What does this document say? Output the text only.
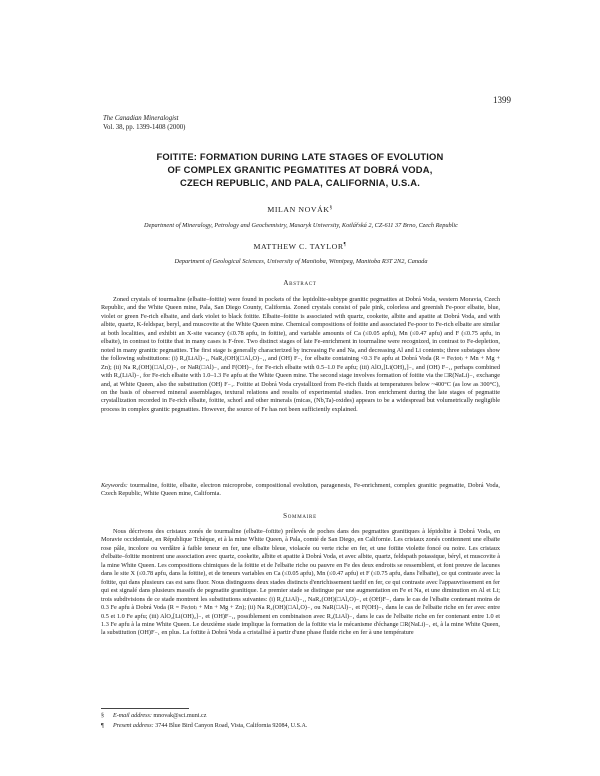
1399
The Canadian Mineralogist
Vol. 38, pp. 1399-1408 (2000)
FOITITE: FORMATION DURING LATE STAGES OF EVOLUTION
OF COMPLEX GRANITIC PEGMATITES AT DOBRÁ VODA,
CZECH REPUBLIC, AND PALA, CALIFORNIA, U.S.A.
MILAN NOVÁK§
Department of Mineralogy, Petrology and Geochemistry, Masaryk University, Kotlářská 2, CZ-611 37 Brno, Czech Republic
MATTHEW C. TAYLOR¶
Department of Geological Sciences, University of Manitoba, Winnipeg, Manitoba R3T 2N2, Canada
Abstract

Zoned crystals of tourmaline (elbaite–foitite) were found in pockets of the lepidolite-subtype granitic pegmatites at Dobrá Voda, western Moravia, Czech Republic, and the White Queen mine, Pala, San Diego County, California. Zoned crystals consist of pale pink, colorless and greenish Fe-poor elbaite, blue, violet or green Fe-rich elbaite, and dark violet to black foitite. Elbaite–foitite is associated with quartz, cookeite, albite and apatite at Dobrá Voda, and with albite, quartz, K-feldspar, beryl, and muscovite at the White Queen mine. Chemical compositions of foitite and associated Fe-poor to Fe-rich elbaite are similar at both localities, and exhibit an X-site vacancy (≤0.78 apfu, in foitite), and variable amounts of Ca (≤0.05 apfu), Mn (≤0.47 apfu) and F (≤0.75 apfu, in elbaite), in contrast to foitite that in many cases is F-free. Two distinct stages of late Fe-enrichment in tourmaline were recognized, in contrast to Fe-depletion, noted in many granitic pegmatites. The first stage is generally characterized by increasing Fe and Na, and decreasing Al and Li contents; three substages show the following substitutions: (i) R₂(LiAl)₋₁, NaR₃(OH)(□Al₃O)₋₁, and (OH) F₋₁ for elbaite containing <0.3 Fe apfu at Dobrá Voda (R = Fe₍tot₎ + Mn + Mg + Zn); (ii) Na R₂(OH)(□Al₂O)₋₁ or NaR(□Al)₋₁ and F(OH)₋₁ for Fe-rich elbaite with 0.5–1.0 Fe apfu; (iii) AlO₂[Li(OH)₂]₋₁ and (OH) F₋₁, perhaps combined with R₂(LiAl)₋₁ for Fe-rich elbaite with 1.0–1.3 Fe apfu at the White Queen mine. The second stage involves formation of foitite via the □R(NaLi)₋₁ exchange and, at White Queen, also the substitution (OH) F₋₁. Foitite at Dobrá Voda crystallized from Fe-rich fluids at temperatures below ~400°C (as low as 300°C), on the basis of observed mineral assemblages, textural relations and results of experimental studies. Iron enrichment during the late stages of pegmatite crystallization recorded in Fe-rich elbaite, foitite, schorl and other minerals (micas, (Nb,Ta)-oxides) appears to be a widespread but volumetrically negligible process in complex granitic pegmatites. However, the source of Fe has not been sufficiently explained.

Keywords: tourmaline, foitite, elbaite, electron microprobe, compositional evolution, paragenesis, Fe-enrichment, complex granitic pegmatite, Dobrá Voda, Czech Republic, White Queen mine, California.

Sommaire

Nous décrivons des cristaux zonés de tourmaline (elbaïte–foïtite) prélevés de poches dans des pegmatites granitiques à lépidolite à Dobrá Voda, en Moravie occidentale, en République Tchèque, et à la mine White Queen, à Pala, comté de San Diego, en Californie. Les cristaux zonés contiennent une elbaïte rose pâle, incolore ou verdâtre à faible teneur en fer, une elbaïte bleue, violacée ou verte riche en fer, et une foïtite violette foncé ou noire. Les cristaux d'elbaïte–foïtite montrent une association avec quartz, cookeïte, albite et apatite à Dobrá Voda, et avec albite, quartz, feldspath potassique, béryl, et muscovite à la mine White Queen. Les compositions chimiques de la foïtite et de l'elbaïte riche ou pauvre en Fe des deux endroits se ressemblent, et font preuve de lacunes dans le site X (≤0.78 apfu, dans la foïtite), et de teneurs variables en Ca (≤0.05 apfu), Mn (≤0.47 apfu) et F (≤0.75 apfu, dans l'elbaïte), ce qui contraste avec la foïtite, qui dans plusieurs cas est sans fluor. Nous distinguons deux stades distincts d'enrichissement tardif en fer, ce qui contraste avec l'appauvrissement en fer qui est signalé dans plusieurs massifs de pegmatite granitique. Le premier stade se distingue par une augmentation en Fe et Na, et une diminution en Al et Li; trois subdivisions de ce stade montrent les substitutions suivantes: (i) R₂(LiAl)₋₁, NaR₃(OH)(□Al₃O)₋₁ et (OH)F₋₁ dans le cas de l'elbaïte contenant moins de 0.3 Fe apfu à Dobrá Voda (R = Fe₍tot₎ + Mn + Mg + Zn); (ii) Na R₂(OH)(□Al₂O)₋₁ ou NaR(□Al)₋₁ et F(OH)₋₁ dans le cas de l'elbaïte riche en fer avec entre 0.5 et 1.0 Fe apfu; (iii) AlO₂[Li(OH)₂]₋₁ et (OH)F₋₁, possiblement en combinaison avec R₂(LiAl)₋₁ dans le cas de l'elbaïte riche en fer contenant entre 1.0 et 1.3 Fe apfu à la mine White Queen. Le deuxième stade implique la formation de la foïtite via le mécanisme d'échange □R(NaLi)₋₁ et, à la mine White Queen, la substitution (OH)F₋₁ en plus. La foïtite à Dobrá Voda a cristallisé à partir d'une phase fluide riche en fer à une température

§ E-mail address: mnovak@sci.muni.cz
¶ Present address: 3744 Blue Bird Canyon Road, Vista, California 92084, U.S.A.
